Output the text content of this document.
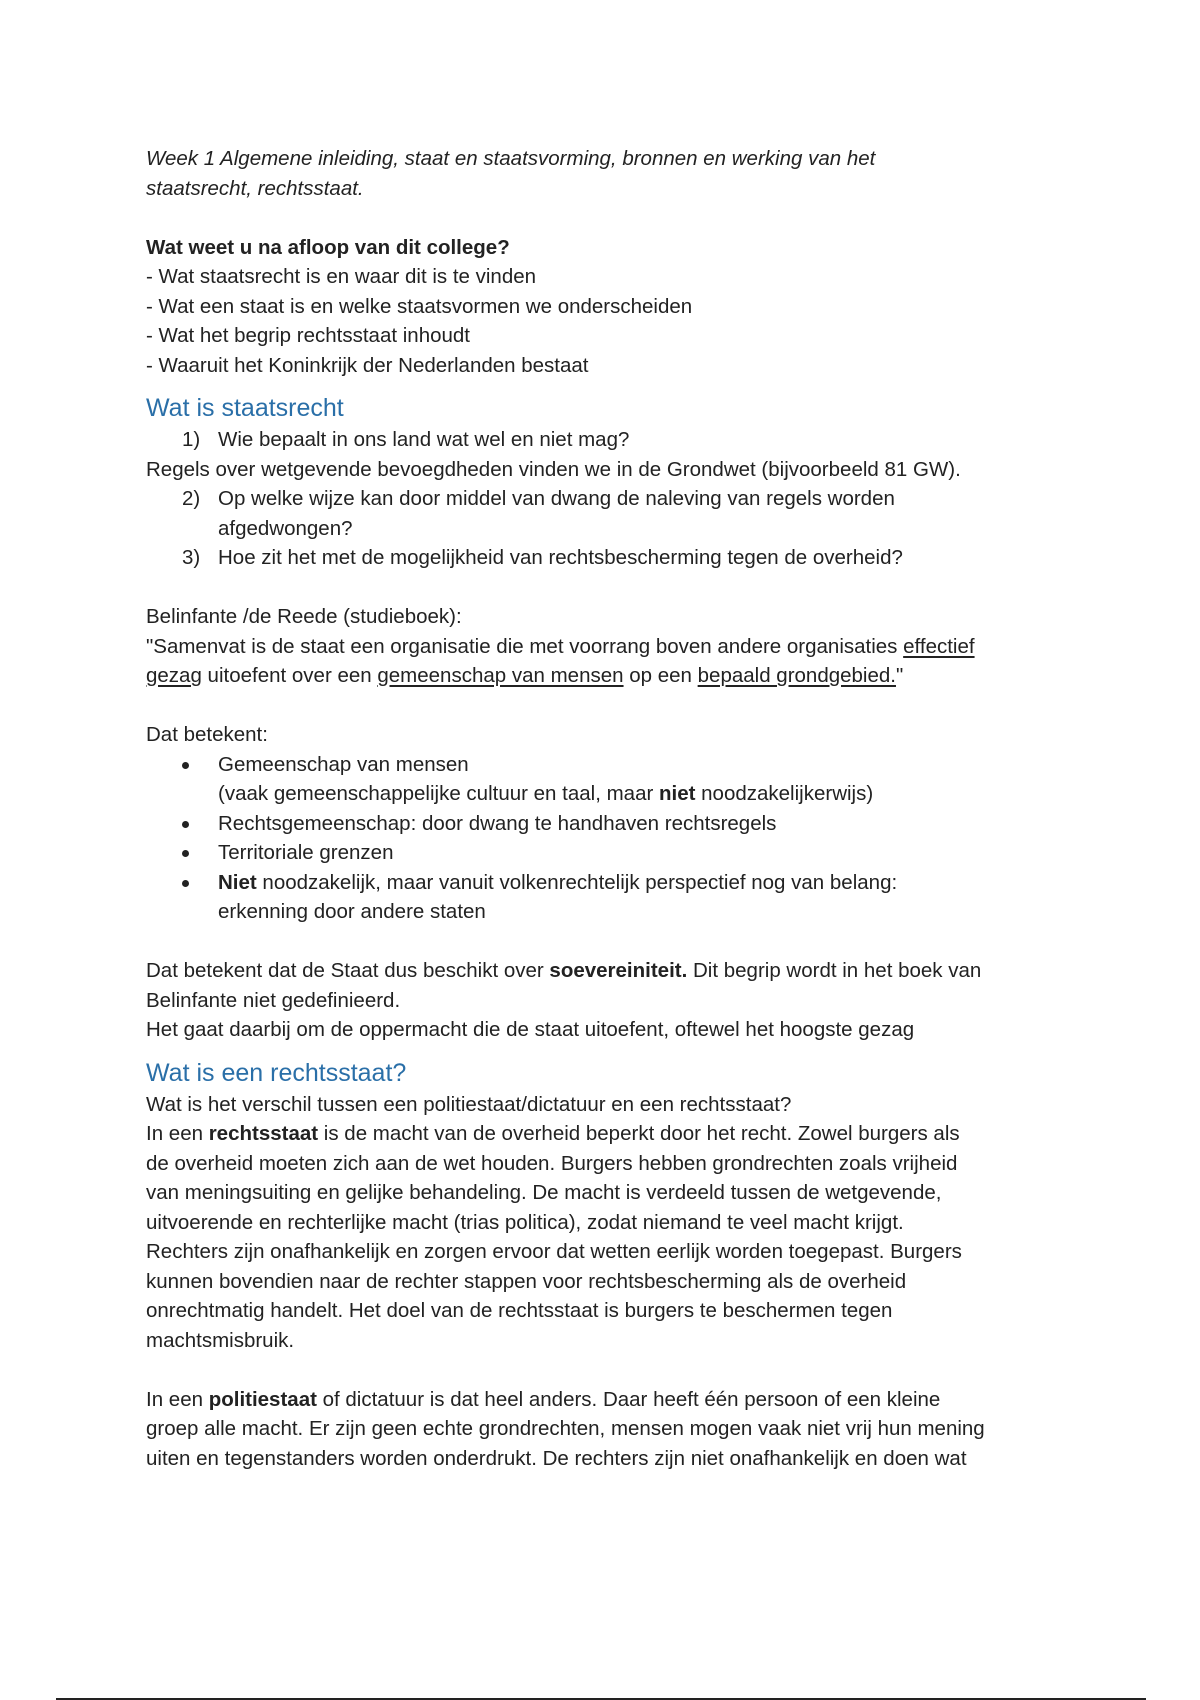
Week 1 Algemene inleiding, staat en staatsvorming, bronnen en werking van het
staatsrecht, rechtsstaat.

Wat weet u na afloop van dit college?

- Wat staatsrecht is en waar dit is te vinden

- Wat een staat is en welke staatsvormen we onderscheiden

- Wat het begrip rechtsstaat inhoudt

- Waaruit het Koninkrijk der Nederlanden bestaat

Wat is staatsrecht

1) Wie bepaalt in ons land wat wel en niet mag?

Regels over wetgevende bevoegdheden vinden we in de Grondwet (bijvoorbeeld 81 GW).

2) Op welke wijze kan door middel van dwang de naleving van regels worden
afgedwongen?
3) Hoe zit het met de mogelijkheid van rechtsbescherming tegen de overheid?

Belinfante /de Reede (studieboek):

"Samenvat is de staat een organisatie die met voorrang boven andere organisaties effectief
gezag uitoefent over een gemeenschap van mensen op een bepaald grondgebied."

Dat betekent:

Gemeenschap van mensen
(vaak gemeenschappelijke cultuur en taal, maar niet noodzakelijkerwijs)
Rechtsgemeenschap: door dwang te handhaven rechtsregels
Territoriale grenzen
Niet noodzakelijk, maar vanuit volkenrechtelijk perspectief nog van belang:
erkenning door andere staten

Dat betekent dat de Staat dus beschikt over soevereiniteit. Dit begrip wordt in het boek van
Belinfante niet gedefinieerd.
Het gaat daarbij om de oppermacht die de staat uitoefent, oftewel het hoogste gezag

Wat is een rechtsstaat?

Wat is het verschil tussen een politiestaat/dictatuur en een rechtsstaat?

In een rechtsstaat is de macht van de overheid beperkt door het recht. Zowel burgers als
de overheid moeten zich aan de wet houden. Burgers hebben grondrechten zoals vrijheid
van meningsuiting en gelijke behandeling. De macht is verdeeld tussen de wetgevende,
uitvoerende en rechterlijke macht (trias politica), zodat niemand te veel macht krijgt.
Rechters zijn onafhankelijk en zorgen ervoor dat wetten eerlijk worden toegepast. Burgers
kunnen bovendien naar de rechter stappen voor rechtsbescherming als de overheid
onrechtmatig handelt. Het doel van de rechtsstaat is burgers te beschermen tegen
machtsmisbruik.

In een politiestaat of dictatuur is dat heel anders. Daar heeft één persoon of een kleine
groep alle macht. Er zijn geen echte grondrechten, mensen mogen vaak niet vrij hun mening
uiten en tegenstanders worden onderdrukt. De rechters zijn niet onafhankelijk en doen wat
